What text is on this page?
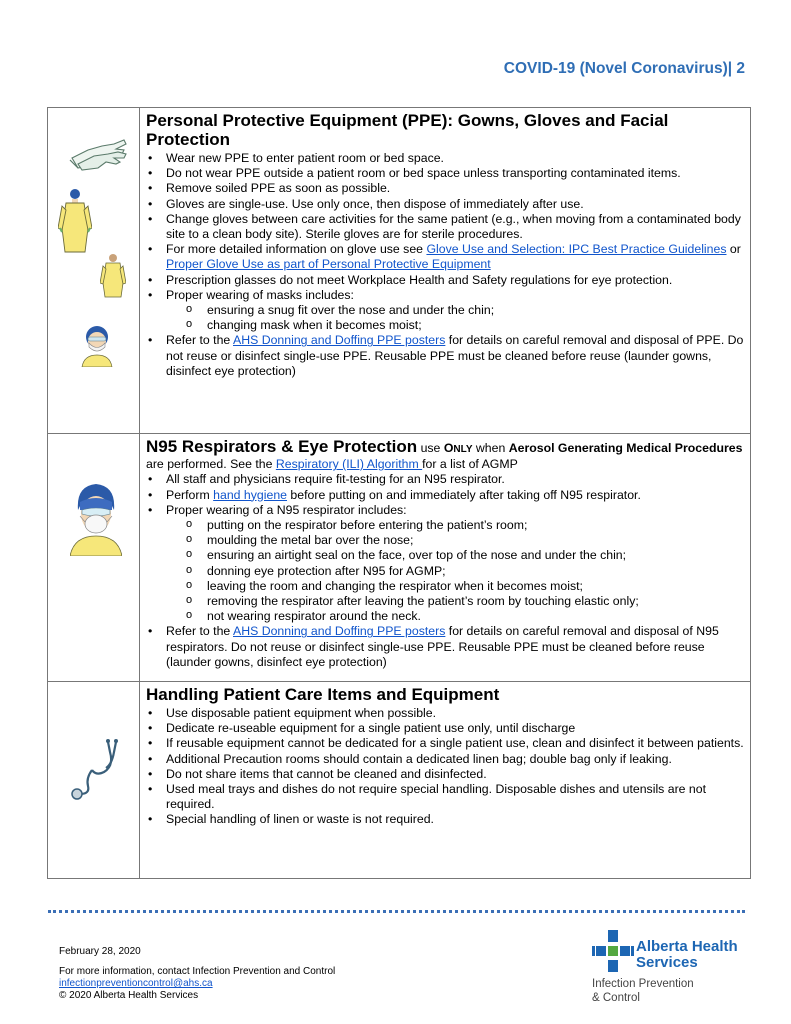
COVID-19 (Novel Coronavirus)| 2
Personal Protective Equipment (PPE): Gowns, Gloves and Facial Protection
• Wear new PPE to enter patient room or bed space.
• Do not wear PPE outside a patient room or bed space unless transporting contaminated items.
• Remove soiled PPE as soon as possible.
• Gloves are single-use. Use only once, then dispose of immediately after use.
• Change gloves between care activities for the same patient (e.g., when moving from a contaminated body site to a clean body site). Sterile gloves are for sterile procedures.
• For more detailed information on glove use see Glove Use and Selection: IPC Best Practice Guidelines or Proper Glove Use as part of Personal Protective Equipment
• Prescription glasses do not meet Workplace Health and Safety regulations for eye protection.
• Proper wearing of masks includes:
o ensuring a snug fit over the nose and under the chin;
o changing mask when it becomes moist;
• Refer to the AHS Donning and Doffing PPE posters for details on careful removal and disposal of PPE. Do not reuse or disinfect single-use PPE. Reusable PPE must be cleaned before reuse (launder gowns, disinfect eye protection)
N95 Respirators & Eye Protection use ONLY when Aerosol Generating Medical Procedures are performed. See the Respiratory (ILI) Algorithm for a list of AGMP
• All staff and physicians require fit-testing for an N95 respirator.
• Perform hand hygiene before putting on and immediately after taking off N95 respirator.
• Proper wearing of a N95 respirator includes:
o putting on the respirator before entering the patient’s room;
o moulding the metal bar over the nose;
o ensuring an airtight seal on the face, over top of the nose and under the chin;
o donning eye protection after N95 for AGMP;
o leaving the room and changing the respirator when it becomes moist;
o removing the respirator after leaving the patient’s room by touching elastic only;
o not wearing respirator around the neck.
• Refer to the AHS Donning and Doffing PPE posters for details on careful removal and disposal of N95 respirators. Do not reuse or disinfect single-use PPE. Reusable PPE must be cleaned before reuse (launder gowns, disinfect eye protection)
Handling Patient Care Items and Equipment
• Use disposable patient equipment when possible.
• Dedicate re-useable equipment for a single patient use only, until discharge
• If reusable equipment cannot be dedicated for a single patient use, clean and disinfect it between patients.
• Additional Precaution rooms should contain a dedicated linen bag; double bag only if leaking.
• Do not share items that cannot be cleaned and disinfected.
• Used meal trays and dishes do not require special handling. Disposable dishes and utensils are not required.
• Special handling of linen or waste is not required.
February 28, 2020
For more information, contact Infection Prevention and Control
infectionpreventioncontrol@ahs.ca
© 2020 Alberta Health Services
Alberta Health
Services
Infection Prevention
& Control
